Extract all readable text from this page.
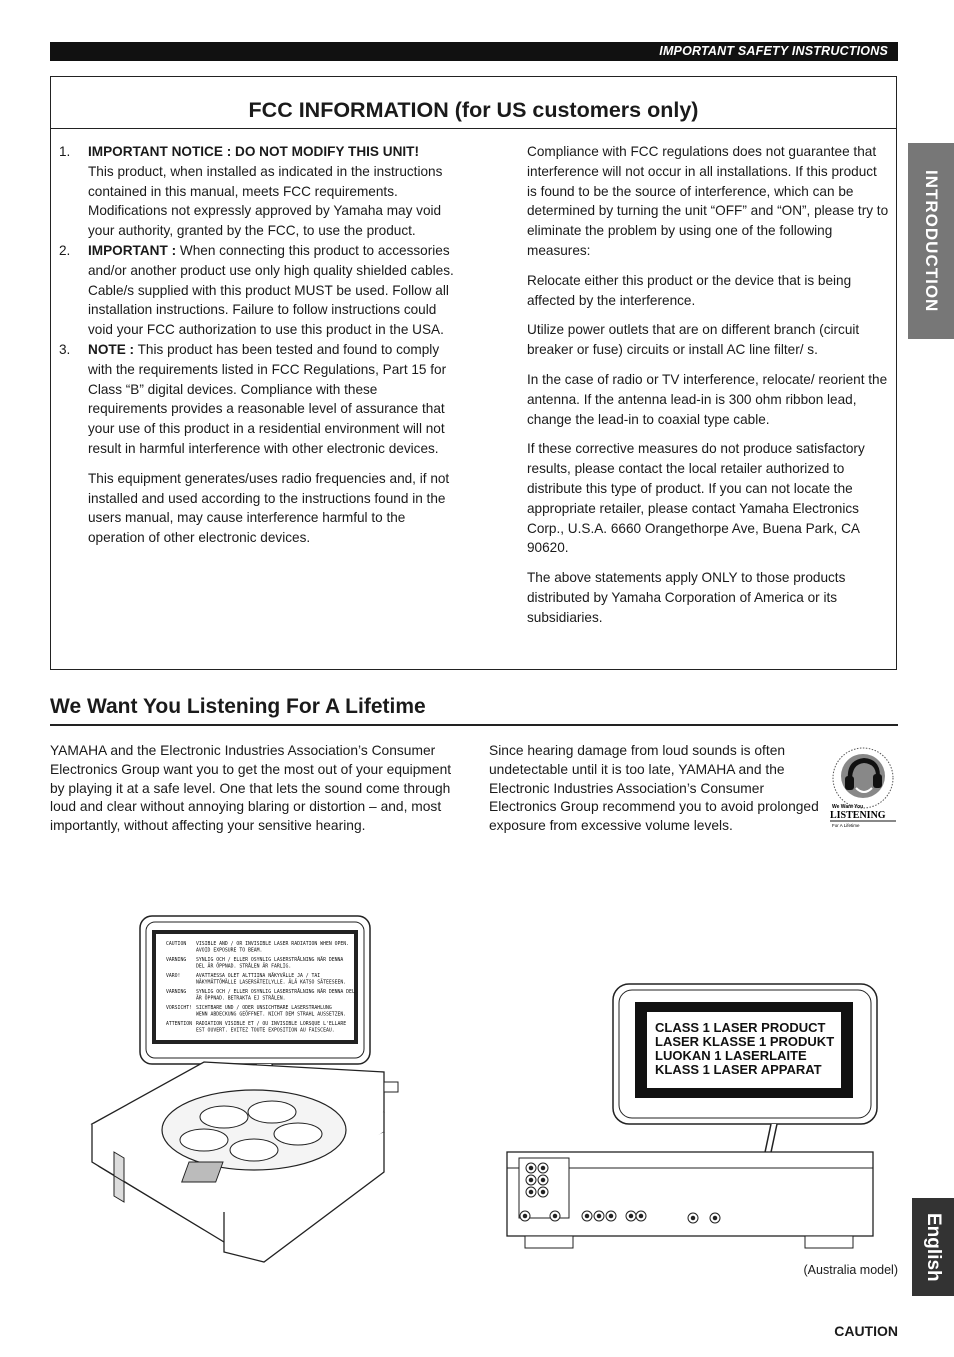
IMPORTANT SAFETY INSTRUCTIONS
FCC INFORMATION (for US customers only)
1.	IMPORTANT NOTICE : DO NOT MODIFY THIS UNIT!

This product, when installed as indicated in the instructions contained in this manual, meets FCC requirements. Modifications not expressly approved by Yamaha may void your authority, granted by the FCC, to use the product.

2.	IMPORTANT : When connecting this product to accessories and/or another product use only high quality shielded cables. Cable/s supplied with this product MUST be used. Follow all installation instructions. Failure to follow instructions could void your FCC authorization to use this product in the USA.

3.	NOTE : This product has been tested and found to comply with the requirements listed in FCC Regulations, Part 15 for Class “B” digital devices. Compliance with these requirements provides a reasonable level of assurance that your use of this product in a residential environment will not result in harmful interference with other electronic devices.

This equipment generates/uses radio frequencies and, if not installed and used according to the instructions found in the users manual, may cause interference harmful to the operation of other electronic devices.

Compliance with FCC regulations does not guarantee that interference will not occur in all installations. If this product is found to be the source of interference, which can be determined by turning the unit “OFF” and “ON”, please try to eliminate the problem by using one of the following measures:

Relocate either this product or the device that is being affected by the interference.

Utilize power outlets that are on different branch (circuit breaker or fuse) circuits or install AC line filter/ s.

In the case of radio or TV interference, relocate/ reorient the antenna. If the antenna lead-in is 300 ohm ribbon lead, change the lead-in to coaxial type cable.

If these corrective measures do not produce satisfactory results, please contact the local retailer authorized to distribute this type of product. If you can not locate the appropriate retailer, please contact Yamaha Electronics Corp., U.S.A. 6660 Orangethorpe Ave, Buena Park, CA 90620.

The above statements apply ONLY to those products distributed by Yamaha Corporation of America or its subsidiaries.

INTRODUCTION
English
We Want You Listening For A Lifetime

YAMAHA and the Electronic Industries Association’s Consumer Electronics Group want you to get the most out of your equipment by playing it at a safe level. One that lets the sound come through loud and clear without annoying blaring or distortion – and, most importantly, without affecting your sensitive hearing.

Since hearing damage from loud sounds is often undetectable until it is too late, YAMAHA and the Electronic Industries Association’s Consumer Electronics Group recommend you to avoid prolonged exposure from excessive volume levels.

We Want You
LISTENING
For A Lifetime
CAUTION VISIBLE AND / OR INVISIBLE LASER RADIATION WHEN OPEN.
AVOID EXPOSURE TO BEAM.
VARNING SYNLIG OCH / ELLER OSYNLIG LASERSTRÅLNING NÄR DENNA
DEL ÄR ÖPPNAD. STRÅLEN ÄR FARLIG.
VARO!	AVATTAESSA OLET ALTTIINA NÄKYVÄLLE JA / TAI
NÄKYMÄTTÖMÄLLE LASERSÄTEILYLLE. ÄLÄ KATSO SÄTEESEEN.
VARNING SYNLIG OCH / ELLER OSYNLIG LASERSTRÅLNING NÄR DENNA DEL
ÄR ÖPPNAD. BETRAKTA EJ STRÅLEN.
VORSICHT! SICHTBARE UND / ODER UNSICHTBARE LASERSTRAHLUNG
WENN ABDECKUNG GEÖFFNET. NICHT DEM STRAHL AUSSETZEN.
ATTENTION RADIATION VISIBLE ET / OU INVISIBLE LORSQUE L'ELLARE
EST OUVERT. EVITEZ TOUTE EXPOSITION AU FAISCEAU.	CLASS 1 LASER PRODUCT
LASER KLASSE 1 PRODUKT
LUOKAN 1 LASERLAITE
KLASS 1 LASER APPARAT
(Australia model)
CAUTION
